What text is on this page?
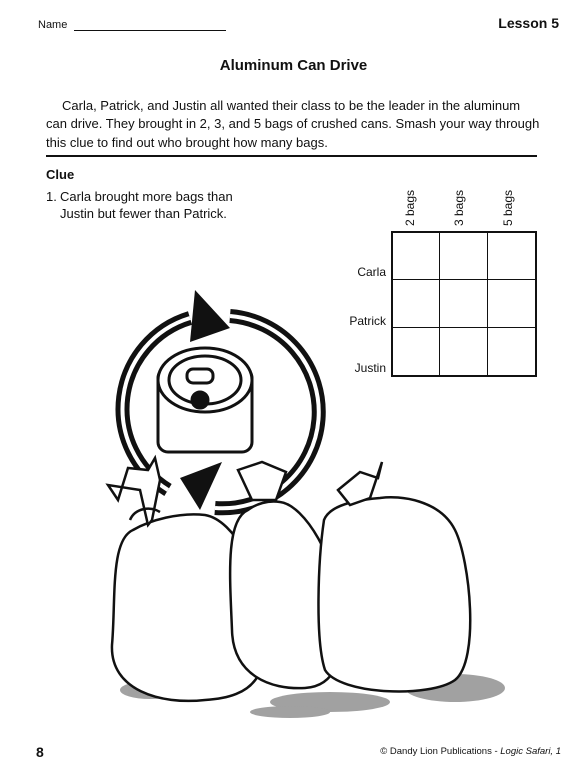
Name	Lesson 5
Aluminum Can Drive
Carla, Patrick, and Justin all wanted their class to be the leader in the aluminum can drive. They brought in 2, 3, and 5 bags of crushed cans. Smash your way through this clue to find out who brought how many bags.
Clue
1. Carla brought more bags than Justin but fewer than Patrick.	2 bags	3 bags	5 bags
Carla
Patrick
Justin
8	© Dandy Lion Publications - Logic Safari, 1
